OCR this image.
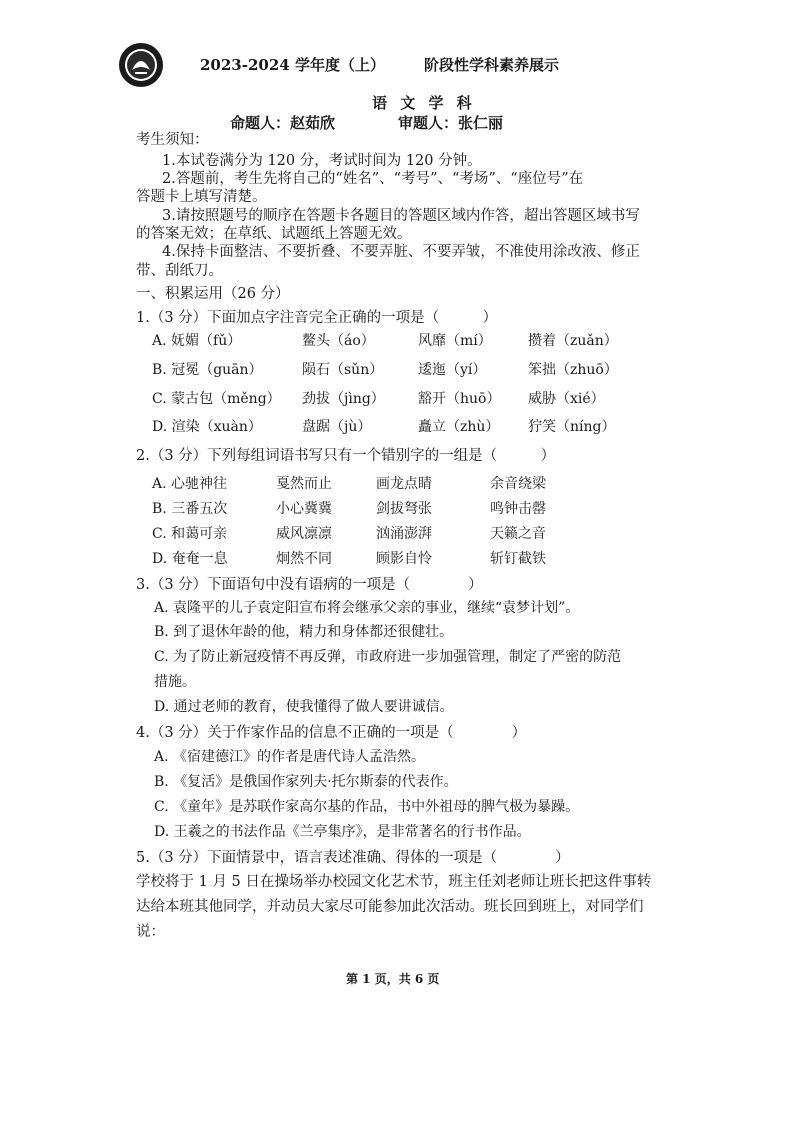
2023-2024 学年度（上）	阶段性学科素养展示
语 文 学 科
命题人：赵茹欣	审题人：张仁丽
考生须知：
1.本试卷满分为 120 分，考试时间为 120 分钟。
2.答题前，考生先将自己的“姓名”、“考号”、“考场”、“座位号”在
答题卡上填写清楚。
3.请按照题号的顺序在答题卡各题目的答题区域内作答，超出答题区域书写
的答案无效；在草纸、试题纸上答题无效。
4.保持卡面整洁、不要折叠、不要弄脏、不要弄皱，不准使用涂改液、修正
带、刮纸刀。
一、积累运用（26 分）
1.（3 分）下面加点字注音完全正确的一项是（　　　）
A. 妩媚（fǔ）	鳌头（áo）	风靡（mí）	攒着（zuǎn）
B. 冠冕（guān）	陨石（sǔn） 逶迤（yí）	笨拙（zhuō）
C. 蒙古包（měng） 劲拔（jìng） 豁开（huō） 威胁（xié）
D. 渲染（xuàn）	盘踞（jù）	矗立（zhù） 狞笑（níng）
2.（3 分）下列每组词语书写只有一个错别字的一组是（　　　）
A. 心驰神往	戛然而止	画龙点睛	余音绕梁
B. 三番五次	小心冀冀	剑拔弩张	鸣钟击罄
C. 和蔼可亲	威风凛凛	汹涌澎湃	天籁之音
D. 奄奄一息	炯然不同	顾影自怜	斩钉截铁
3.（3 分）下面语句中没有语病的一项是（　　　　）
A. 袁隆平的儿子袁定阳宣布将会继承父亲的事业，继续“袁梦计划”。
B. 到了退休年龄的他，精力和身体都还很健壮。
C. 为了防止新冠疫情不再反弹，市政府进一步加强管理，制定了严密的防范
措施。
D. 通过老师的教育，使我懂得了做人要讲诚信。
4.（3 分）关于作家作品的信息不正确的一项是（　　　　）
A. 《宿建德江》的作者是唐代诗人孟浩然。
B. 《复活》是俄国作家列夫·托尔斯泰的代表作。
C. 《童年》是苏联作家高尔基的作品，书中外祖母的脾气极为暴躁。
D. 王羲之的书法作品《兰亭集序》，是非常著名的行书作品。
5.（3 分）下面情景中，语言表述准确、得体的一项是（　　　　）
学校将于 1 月 5 日在操场举办校园文化艺术节，班主任刘老师让班长把这件事转
达给本班其他同学，并动员大家尽可能参加此次活动。班长回到班上，对同学们
说：
第 1 页，共 6 页
